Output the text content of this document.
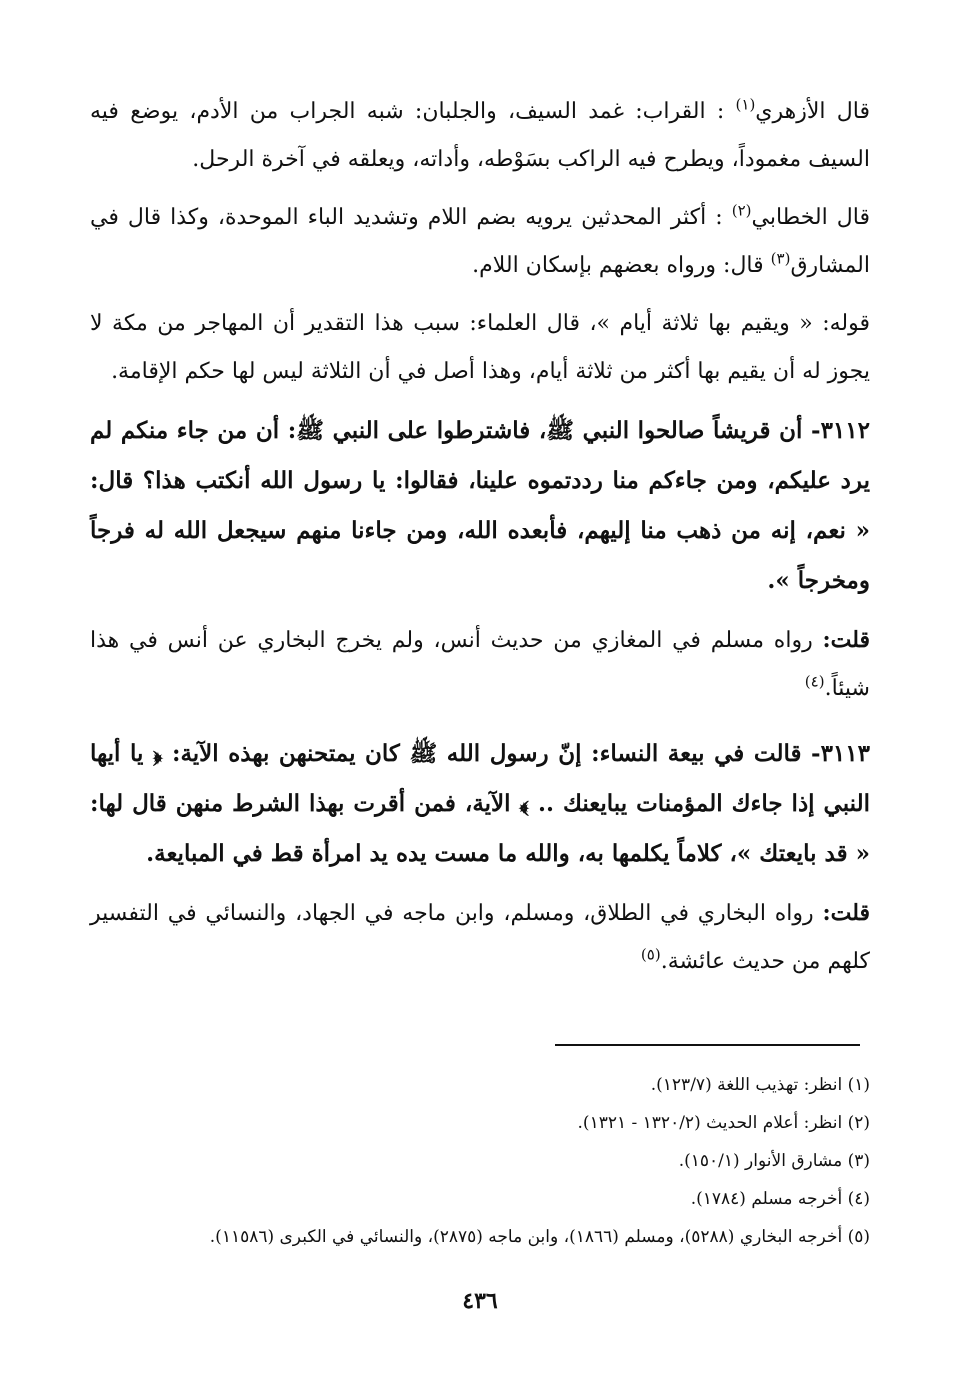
قال الأزهري$^{(١)}$ : القراب: غمد السيف، والجلبان: شبه الجراب من الأدم، يوضع فيه السيف مغموداً، ويطرح فيه الراكب بسَوْطه، وأداته، ويعلقه في آخرة الرحل.

قال الخطابي$^{(٢)}$ : أكثر المحدثين يرويه بضم اللام وتشديد الباء الموحدة، وكذا قال في المشارق$^{(٣)}$ قال: ورواه بعضهم بإسكان اللام.

قوله: « ويقيم بها ثلاثة أيام »، قال العلماء: سبب هذا التقدير أن المهاجر من مكة لا يجوز له أن يقيم بها أكثر من ثلاثة أيام، وهذا أصل في أن الثلاثة ليس لها حكم الإقامة.

٣١١٢- أن قريشاً صالحوا النبي ﷺ، فاشترطوا على النبي ﷺ: أن من جاء منكم لم يرد عليكم، ومن جاءكم منا رددتموه علينا، فقالوا: يا رسول الله أنكتب هذا؟ قال: « نعم، إنه من ذهب منا إليهم، فأبعده الله، ومن جاءنا منهم سيجعل الله له فرجاً ومخرجاً ».

قلت: رواه مسلم في المغازي من حديث أنس، ولم يخرج البخاري عن أنس في هذا شيئاً.$^{(٤)}$

٣١١٣- قالت في بيعة النساء: إنّ رسول الله ﷺ كان يمتحنهن بهذه الآية: ﴿ يا أيها النبي إذا جاءك المؤمنات يبايعنك .. ﴾ الآية، فمن أقرت بهذا الشرط منهن قال لها: « قد بايعتك »، كلاماً يكلمها به، والله ما مست يده يد امرأة قط في المبايعة.

قلت: رواه البخاري في الطلاق، ومسلم، وابن ماجه في الجهاد، والنسائي في التفسير كلهم من حديث عائشة.$^{(٥)}$

(١) انظر: تهذيب اللغة (١٢٣/٧).

(٢) انظر: أعلام الحديث (١٣٢٠/٢ - ١٣٢١).

(٣) مشارق الأنوار (١٥٠/١).

(٤) أخرجه مسلم (١٧٨٤).

(٥) أخرجه البخاري (٥٢٨٨)، ومسلم (١٨٦٦)، وابن ماجه (٢٨٧٥)، والنسائي في الكبرى (١١٥٨٦).

٤٣٦
